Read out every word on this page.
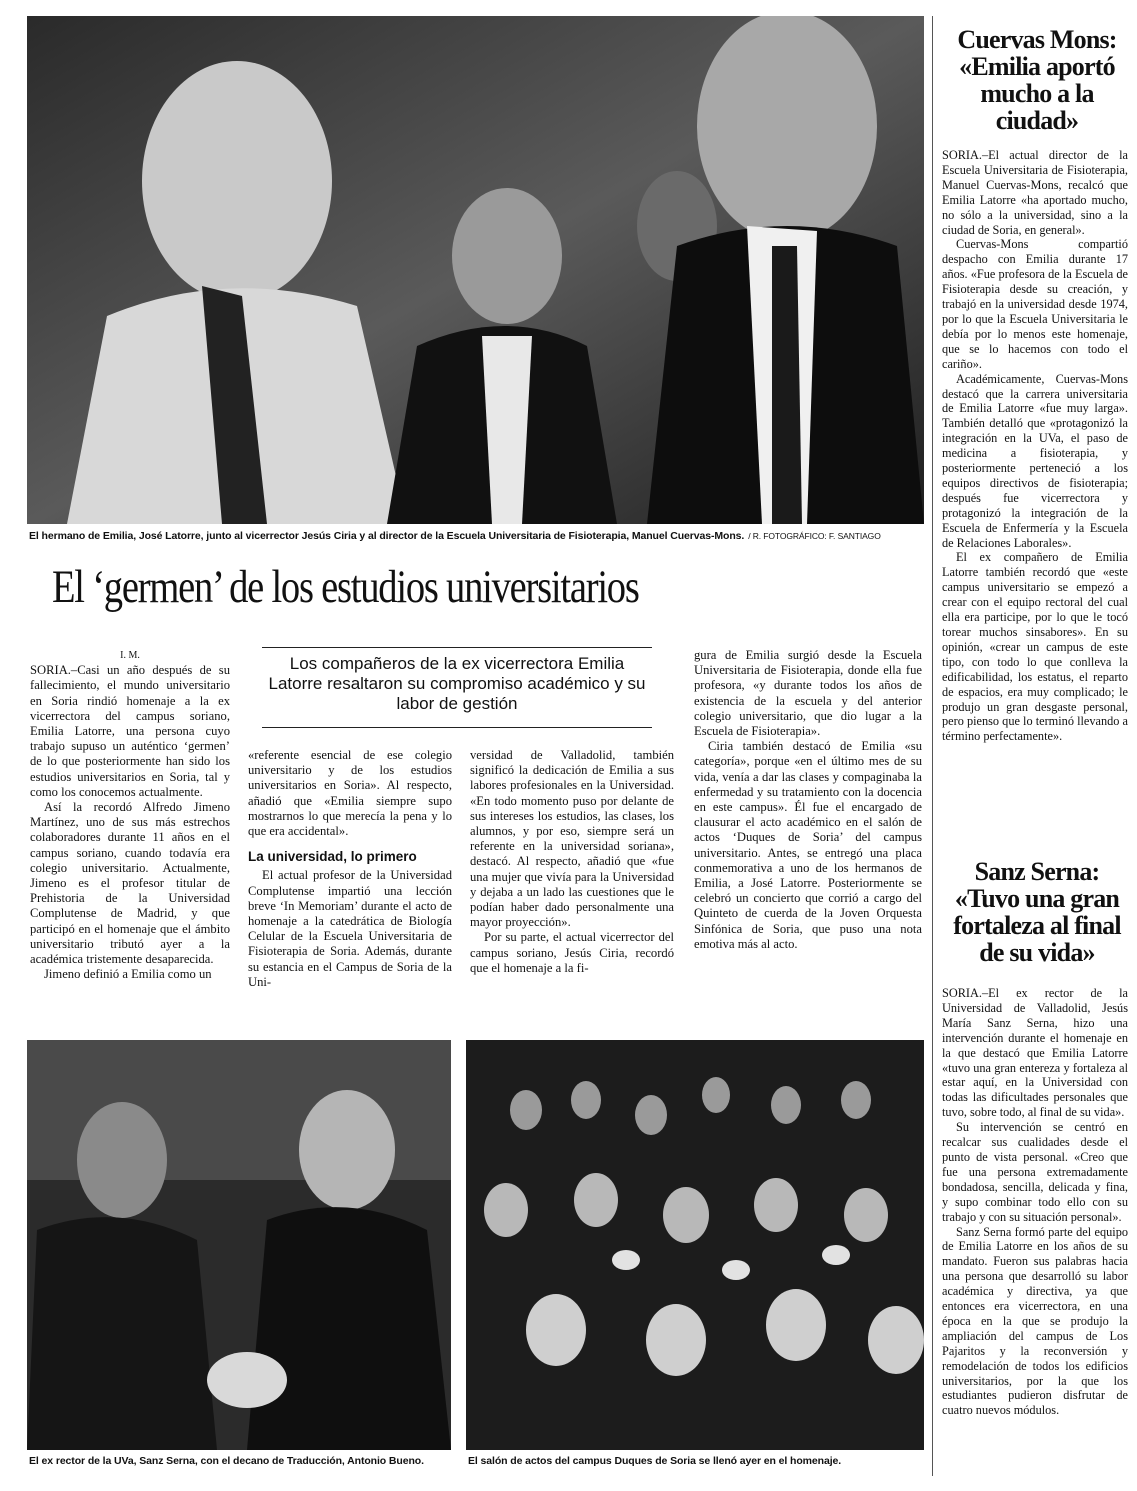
El hermano de Emilia, José Latorre, junto al vicerrector Jesús Ciria y al director de la Escuela Universitaria de Fisioterapia, Manuel Cuervas-Mons. / R. FOTOGRÁFICO: F. SANTIAGO
El ‘germen’ de los estudios universitarios
Los compañeros de la ex vicerrectora Emilia Latorre resaltaron su compromiso académico y su labor de gestión

I. M.

SORIA.–Casi un año después de su fallecimiento, el mundo universitario en Soria rindió homenaje a la ex vicerrectora del campus soriano, Emilia Latorre, una persona cuyo trabajo supuso un auténtico ‘germen’ de lo que posteriormente han sido los estudios universitarios en Soria, tal y como los conocemos actualmente.

Así la recordó Alfredo Jimeno Martínez, uno de sus más estrechos colaboradores durante 11 años en el campus soriano, cuando todavía era colegio universitario. Actualmente, Jimeno es el profesor titular de Prehistoria de la Universidad Complutense de Madrid, y que participó en el homenaje que el ámbito universitario tributó ayer a la académica tristemente desaparecida.

Jimeno definió a Emilia como un

«referente esencial de ese colegio universitario y de los estudios universitarios en Soria». Al respecto, añadió que «Emilia siempre supo mostrarnos lo que merecía la pena y lo que era accidental».

La universidad, lo primero

El actual profesor de la Universidad Complutense impartió una lección breve ‘In Memoriam’ durante el acto de homenaje a la catedrática de Biología Celular de la Escuela Universitaria de Fisioterapia de Soria. Además, durante su estancia en el Campus de Soria de la Uni-

versidad de Valladolid, también significó la dedicación de Emilia a sus labores profesionales en la Universidad. «En todo momento puso por delante de sus intereses los estudios, las clases, los alumnos, y por eso, siempre será un referente en la universidad soriana», destacó. Al respecto, añadió que «fue una mujer que vivía para la Universidad y dejaba a un lado las cuestiones que le podían haber dado personalmente una mayor proyección».

Por su parte, el actual vicerrector del campus soriano, Jesús Ciria, recordó que el homenaje a la fi-

gura de Emilia surgió desde la Escuela Universitaria de Fisioterapia, donde ella fue profesora, «y durante todos los años de existencia de la escuela y del anterior colegio universitario, que dio lugar a la Escuela de Fisioterapia».

Ciria también destacó de Emilia «su categoría», porque «en el último mes de su vida, venía a dar las clases y compaginaba la enfermedad y su tratamiento con la docencia en este campus». Él fue el encargado de clausurar el acto académico en el salón de actos ‘Duques de Soria’ del campus universitario. Antes, se entregó una placa conmemorativa a uno de los hermanos de Emilia, a José Latorre. Posteriormente se celebró un concierto que corrió a cargo del Quinteto de cuerda de la Joven Orquesta Sinfónica de Soria, que puso una nota emotiva más al acto.

Cuervas Mons: «Emilia aportó mucho a la ciudad»

SORIA.–El actual director de la Escuela Universitaria de Fisioterapia, Manuel Cuervas-Mons, recalcó que Emilia Latorre «ha aportado mucho, no sólo a la universidad, sino a la ciudad de Soria, en general».

Cuervas-Mons compartió despacho con Emilia durante 17 años. «Fue profesora de la Escuela de Fisioterapia desde su creación, y trabajó en la universidad desde 1974, por lo que la Escuela Universitaria le debía por lo menos este homenaje, que se lo hacemos con todo el cariño».

Académicamente, Cuervas-Mons destacó que la carrera universitaria de Emilia Latorre «fue muy larga». También detalló que «protagonizó la integración en la UVa, el paso de medicina a fisioterapia, y posteriormente perteneció a los equipos directivos de fisioterapia; después fue vicerrectora y protagonizó la integración de la Escuela de Enfermería y la Escuela de Relaciones Laborales».

El ex compañero de Emilia Latorre también recordó que «este campus universitario se empezó a crear con el equipo rectoral del cual ella era participe, por lo que le tocó torear muchos sinsabores». En su opinión, «crear un campus de este tipo, con todo lo que conlleva la edificabilidad, los estatus, el reparto de espacios, era muy complicado; le produjo un gran desgaste personal, pero pienso que lo terminó llevando a término perfectamente».

Sanz Serna: «Tuvo una gran fortaleza al final de su vida»

SORIA.–El ex rector de la Universidad de Valladolid, Jesús María Sanz Serna, hizo una intervención durante el homenaje en la que destacó que Emilia Latorre «tuvo una gran entereza y fortaleza al estar aquí, en la Universidad con todas las dificultades personales que tuvo, sobre todo, al final de su vida».

Su intervención se centró en recalcar sus cualidades desde el punto de vista personal. «Creo que fue una persona extremadamente bondadosa, sencilla, delicada y fina, y supo combinar todo ello con su trabajo y con su situación personal».

Sanz Serna formó parte del equipo de Emilia Latorre en los años de su mandato. Fueron sus palabras hacia una persona que desarrolló su labor académica y directiva, ya que entonces era vicerrectora, en una época en la que se produjo la ampliación del campus de Los Pajaritos y la reconversión y remodelación de todos los edificios universitarios, por la que los estudiantes pudieron disfrutar de cuatro nuevos módulos.

El ex rector de la UVa, Sanz Serna, con el decano de Traducción, Antonio Bueno.	El salón de actos del campus Duques de Soria se llenó ayer en el homenaje.
